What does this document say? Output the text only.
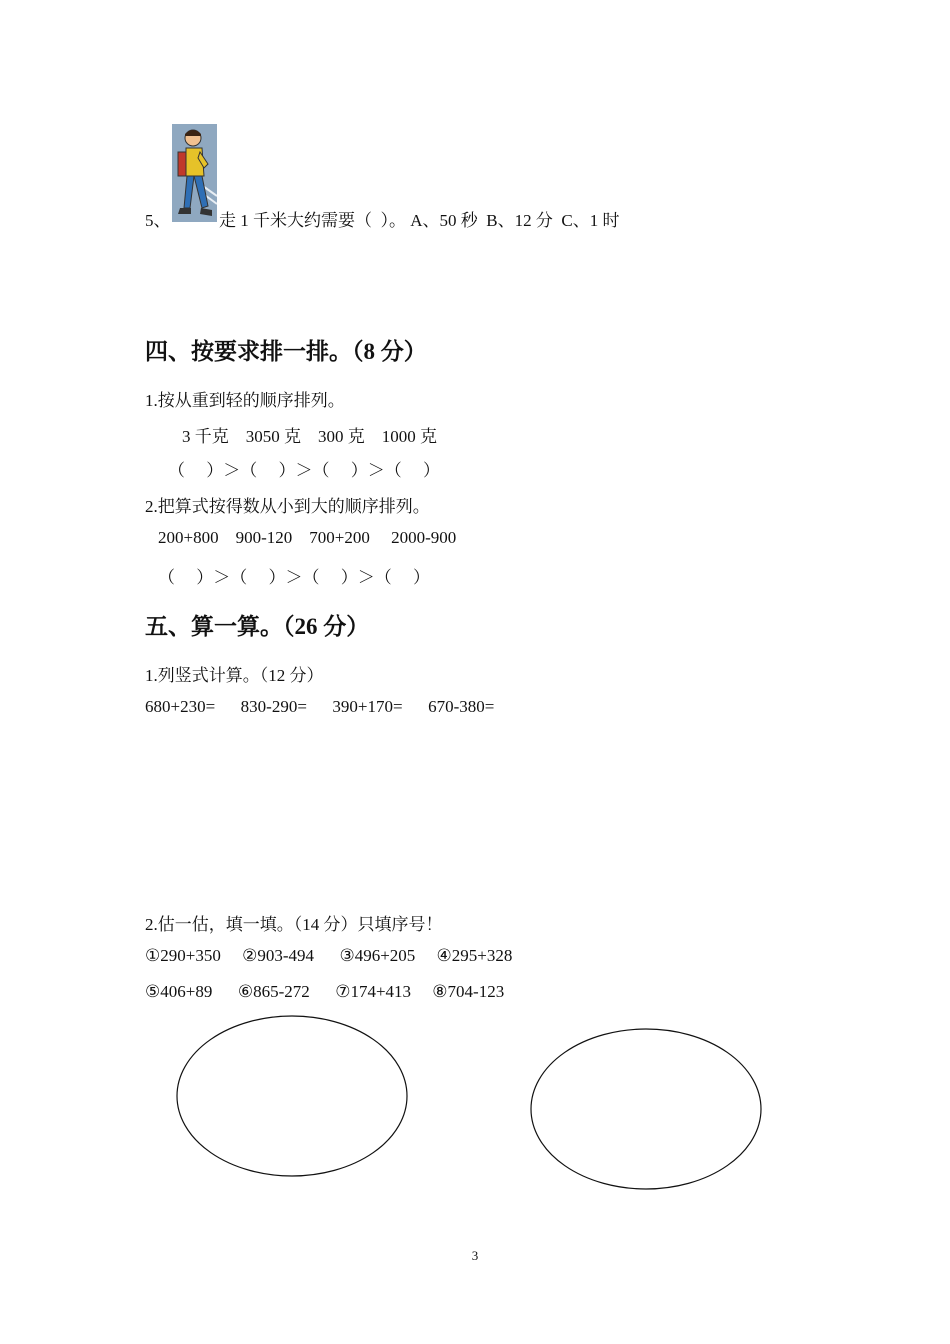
5、	走 1 千米大约需要（  ）。 A、50 秒  B、12 分  C、1 时
四、按要求排一排。（8 分）
1.按从重到轻的顺序排列。
3 千克    3050 克    300 克    1000 克
（     ）＞（     ）＞（     ）＞（     ）
2.把算式按得数从小到大的顺序排列。
200+800    900-120    700+200     2000-900
（     ）＞（     ）＞（     ）＞（     ）
五、算一算。（26 分）
1.列竖式计算。（12 分）
680+230=      830-290=      390+170=      670-380=
2.估一估，填一填。（14 分）只填序号！
①290+350     ②903-494      ③496+205     ④295+328
⑤406+89      ⑥865-272      ⑦174+413     ⑧704-123
3
